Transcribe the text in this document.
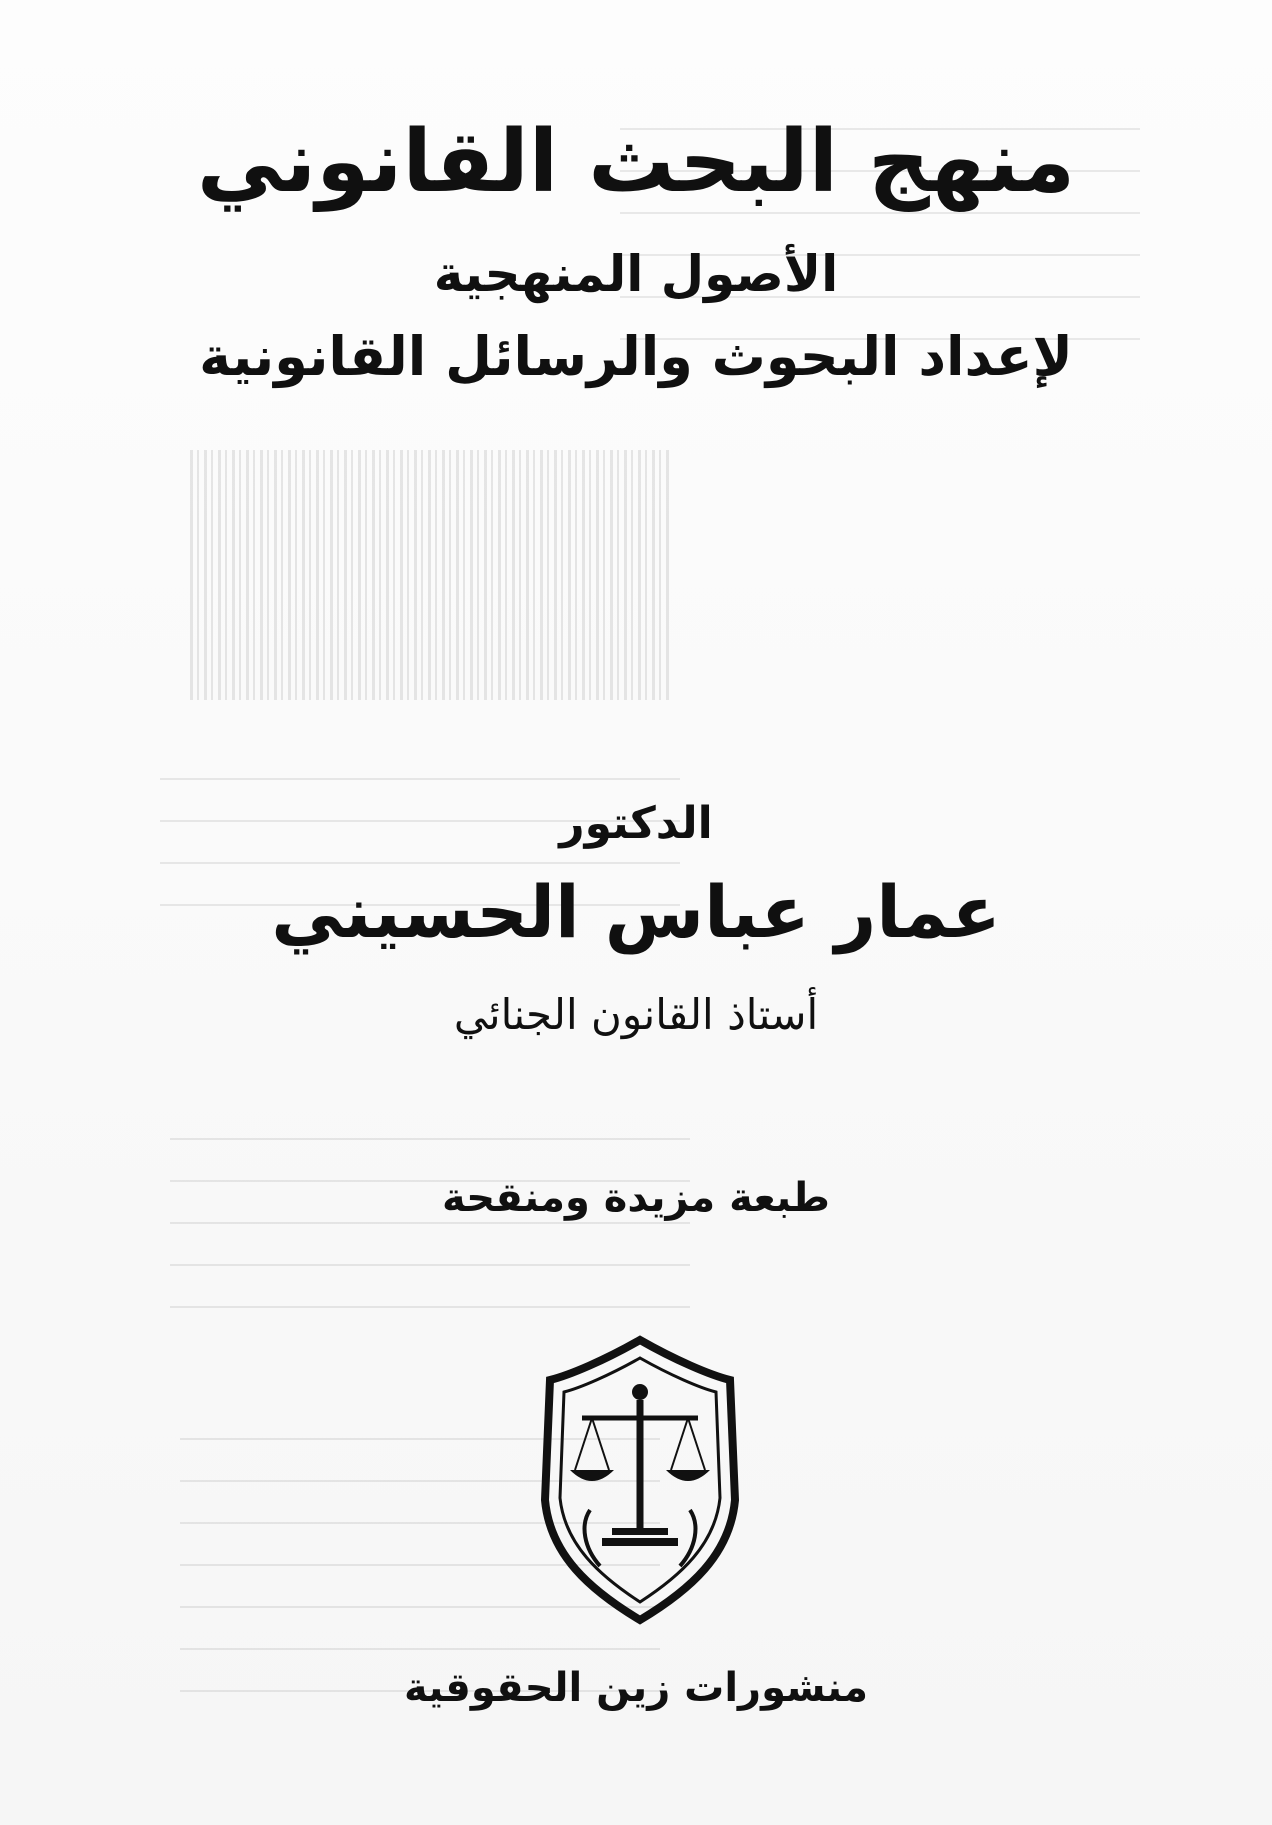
منهج البحث القانوني
الأصول المنهجية
لإعداد البحوث والرسائل القانونية
الدكتور
عمار عباس الحسيني
أستاذ القانون الجنائي
طبعة مزيدة ومنقحة
منشورات زين الحقوقية
